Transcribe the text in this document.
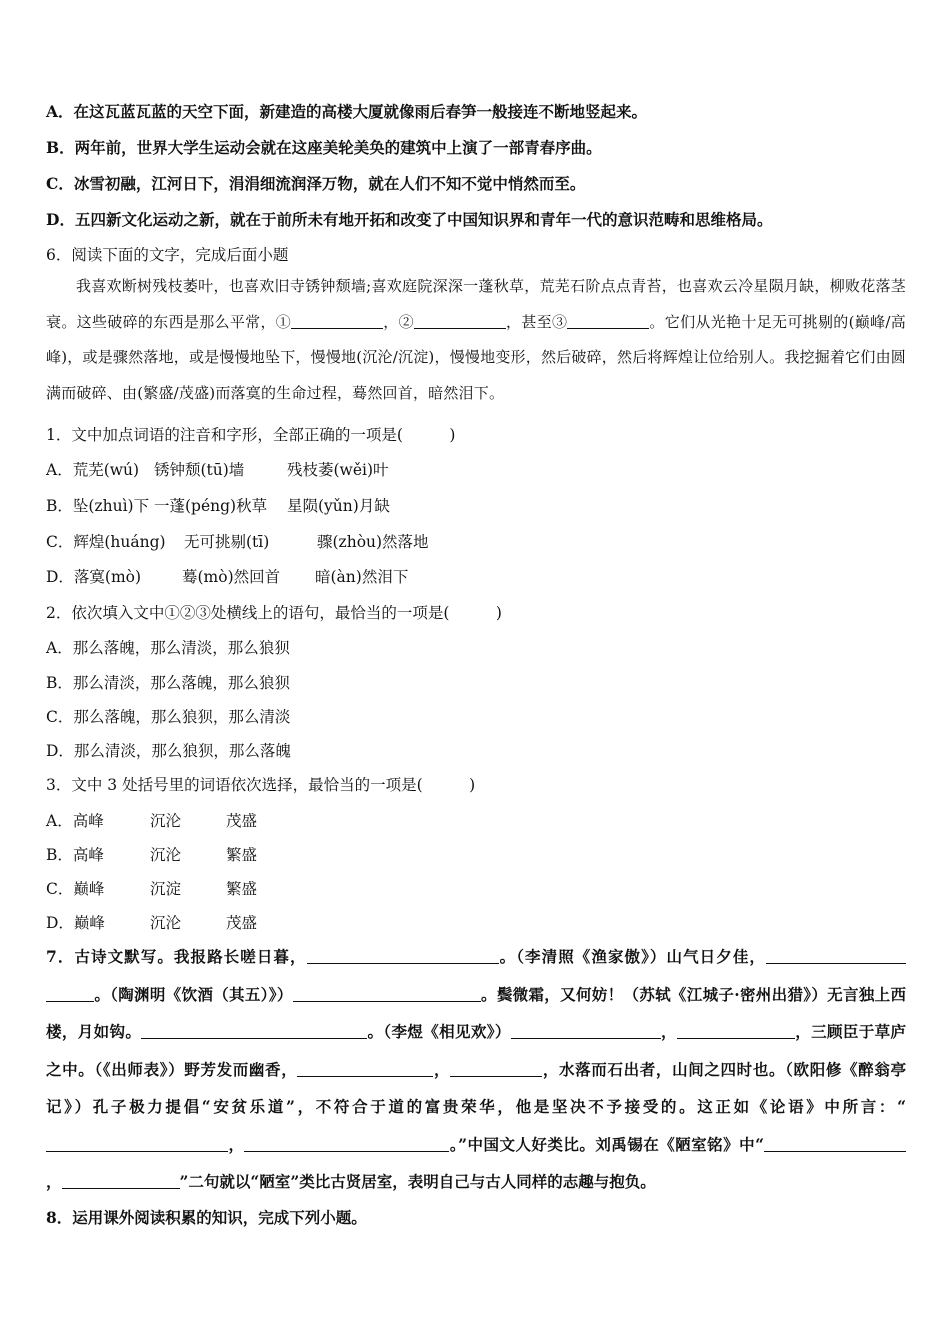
A．在这瓦蓝瓦蓝的天空下面，新建造的高楼大厦就像雨后春笋一般接连不断地竖起来。
B．两年前，世界大学生运动会就在这座美轮美奂的建筑中上演了一部青春序曲。
C．冰雪初融，江河日下，涓涓细流润泽万物，就在人们不知不觉中悄然而至。
D．五四新文化运动之新，就在于前所未有地开拓和改变了中国知识界和青年一代的意识范畴和思维格局。
6．阅读下面的文字，完成后面小题
我喜欢断树残枝萎叶，也喜欢旧寺锈钟颓墙;喜欢庭院深深一蓬秋草，荒芜石阶点点青苔，也喜欢云冷星陨月缺，柳败花落茎衰。这些破碎的东西是那么平常，①	，②	，甚至③	。它们从光艳十足无可挑剔的(巅峰/高峰)，或是骤然落地，或是慢慢地坠下，慢慢地(沉沦/沉淀)，慢慢地变形，然后破碎，然后将辉煌让位给别人。我挖掘着它们由圆满而破碎、由(繁盛/茂盛)而落寞的生命过程，蓦然回首，暗然泪下。
1．文中加点词语的注音和字形，全部正确的一项是(　　　)
A．荒芜(wú) 锈钟颓(tū)墙	残枝萎(wěi)叶
B．坠(zhuì)下 一蓬(péng)秋草 星陨(yǔn)月缺
C．辉煌(huáng) 无可挑剔(tī)	骤(zhòu)然落地
D．落寞(mò)	蓦(mò)然回首 暗(àn)然泪下
2．依次填入文中①②③处横线上的语句，最恰当的一项是(　　　)
A．那么落魄，那么清淡，那么狼狈
B．那么清淡，那么落魄，那么狼狈
C．那么落魄，那么狼狈，那么清淡
D．那么清淡，那么狼狈，那么落魄
3．文中 3 处括号里的词语依次选择，最恰当的一项是(　　　)
A．高峰	沉沦	茂盛
B．高峰	沉沦	繁盛
C．巅峰	沉淀	繁盛
D．巅峰	沉沦	茂盛
7．古诗文默写。我报路长嗟日暮，	。（李清照《渔家傲》）山气日夕佳，。（陶渊明《饮酒（其五）》）	。鬓微霜，又何妨！（苏轼《江城子·密州出猎》）无言独上西楼，月如钩。	。（李煜《相见欢》）	，	，三顾臣于草庐之中。（《出师表》）野芳发而幽香，	，	，水落而石出者，山间之四时也。（欧阳修《醉翁亭记》）孔子极力提倡“安贫乐道”，不符合于道的富贵荣华，他是坚决不予接受的。这正如《论语》中所言：“，	。”中国文人好类比。刘禹锡在《陋室铭》中“，	”二句就以“陋室”类比古贤居室，表明自己与古人同样的志趣与抱负。
8．运用课外阅读积累的知识，完成下列小题。
